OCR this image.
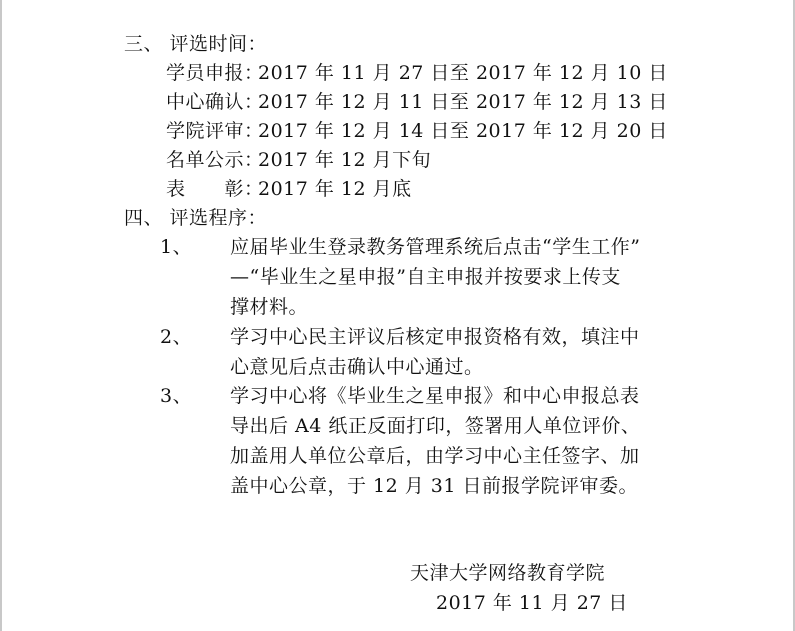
三、 评选时间：
学员申报：
2017 年 11 月 27 日至 2017 年 12 月 10 日
中心确认：
2017 年 12 月 11 日至 2017 年 12 月 13 日
学院评审：
2017 年 12 月 14 日至 2017 年 12 月 20 日
名单公示：
2017 年 12 月下旬
表　　彰：
2017 年 12 月底
四、 评选程序：
1、 应届毕业生登录教务管理系统后点击“学生工作”
—“毕业生之星申报”自主申报并按要求上传支
撑材料。
2、 学习中心民主评议后核定申报资格有效，填注中
心意见后点击确认中心通过。
3、 学习中心将《毕业生之星申报》和中心申报总表
导出后 A4 纸正反面打印，签署用人单位评价、
加盖用人单位公章后，由学习中心主任签字、加
盖中心公章，于 12 月 31 日前报学院评审委。
天津大学网络教育学院
2017 年 11 月 27 日
